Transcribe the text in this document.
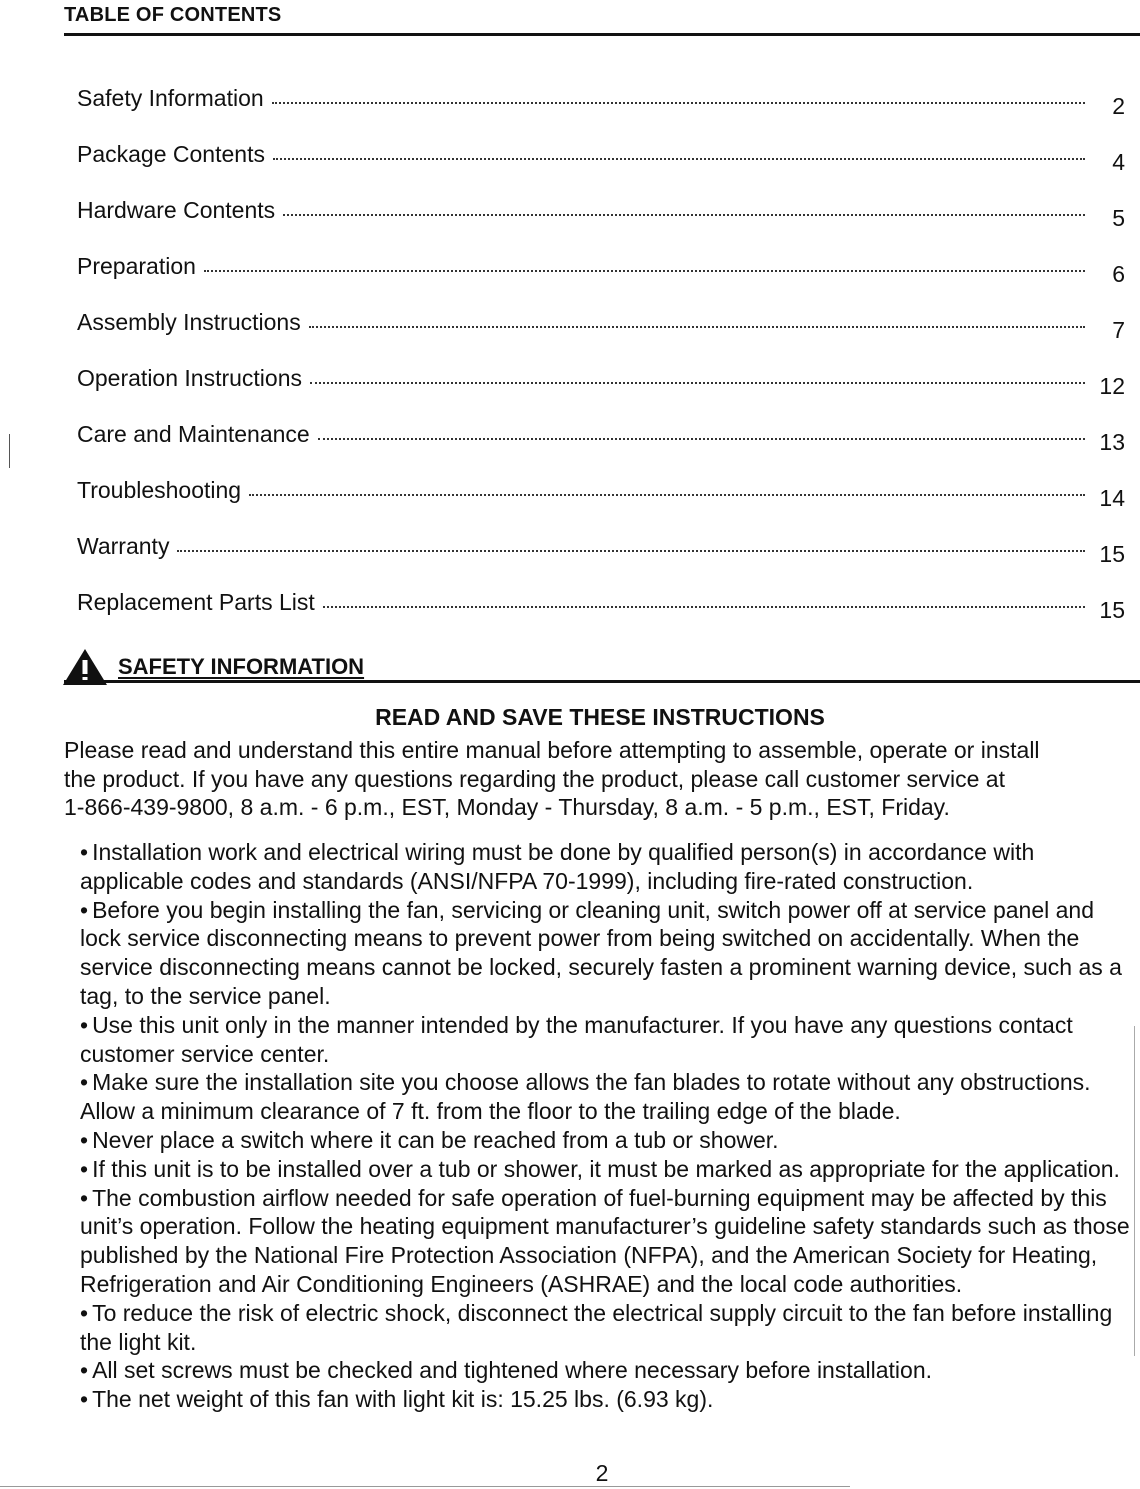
TABLE OF CONTENTS
Safety Information	2
Package Contents	4
Hardware Contents	5
Preparation	6
Assembly Instructions	7
Operation Instructions	12
Care and Maintenance	13
Troubleshooting	14
Warranty	15
Replacement Parts List	15
SAFETY INFORMATION
READ AND SAVE THESE INSTRUCTIONS
Please read and understand this entire manual before attempting to assemble, operate or install
the product. If you have any questions regarding the product, please call customer service at
1-866-439-9800, 8 a.m. - 6 p.m., EST, Monday - Thursday, 8 a.m. - 5 p.m., EST, Friday.

• Installation work and electrical wiring must be done by qualified person(s) in accordance with applicable codes and standards (ANSI/NFPA 70-1999), including fire-rated construction.

• Before you begin installing the fan, servicing or cleaning unit, switch power off at service panel and lock service disconnecting means to prevent power from being switched on accidentally. When the service disconnecting means cannot be locked, securely fasten a prominent warning device, such as a tag, to the service panel.

• Use this unit only in the manner intended by the manufacturer. If you have any questions contact customer service center.

• Make sure the installation site you choose allows the fan blades to rotate without any obstructions. Allow a minimum clearance of 7 ft. from the floor to the trailing edge of the blade.

• Never place a switch where it can be reached from a tub or shower.

• If this unit is to be installed over a tub or shower, it must be marked as appropriate for the application.

• The combustion airflow needed for safe operation of fuel-burning equipment may be affected by this unit’s operation. Follow the heating equipment manufacturer’s guideline safety standards such as those published by the National Fire Protection Association (NFPA), and the American Society for Heating, Refrigeration and Air Conditioning Engineers (ASHRAE) and the local code authorities.

• To reduce the risk of electric shock, disconnect the electrical supply circuit to the fan before installing the light kit.

• All set screws must be checked and tightened where necessary before installation.

• The net weight of this fan with light kit is: 15.25 lbs. (6.93 kg).

2
